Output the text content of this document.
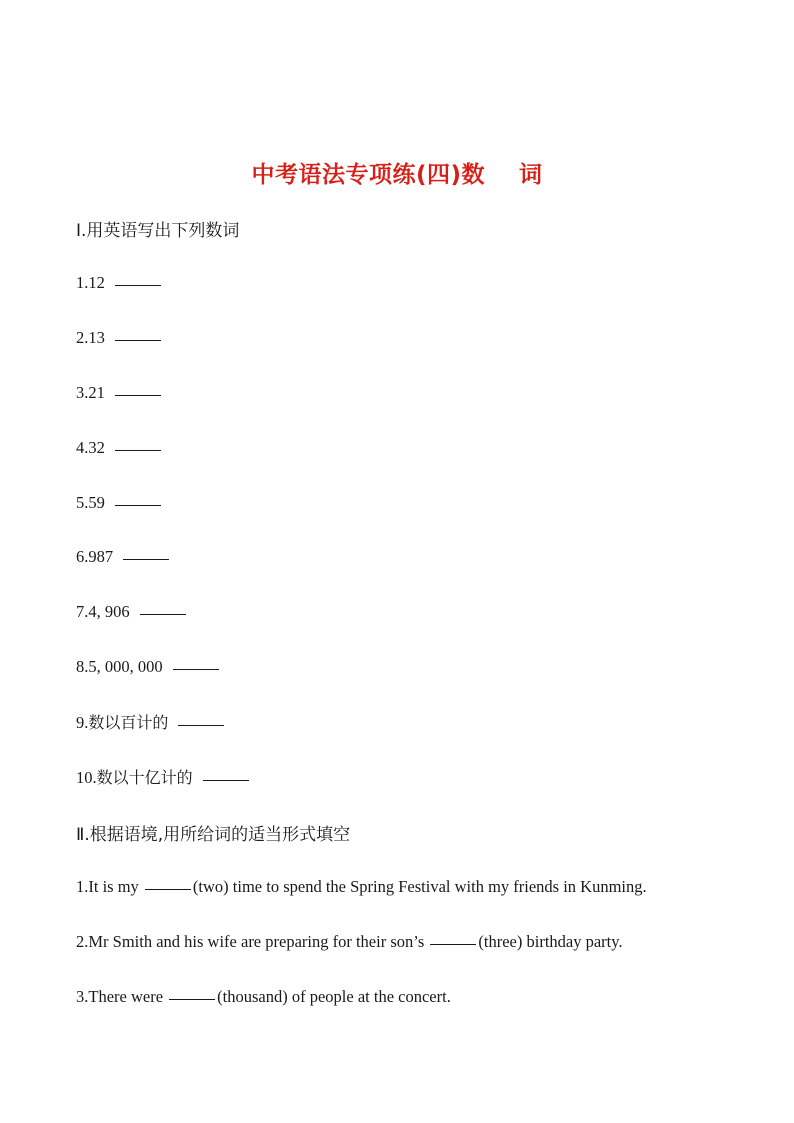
中考语法专项练(四)数    词
Ⅰ.用英语写出下列数词
1.12
2.13
3.21
4.32
5.59
6.987
7.4, 906
8.5, 000, 000
9.数以百计的
10.数以十亿计的
Ⅱ.根据语境,用所给词的适当形式填空
1.It is my	(two) time to spend the Spring Festival with my friends in Kunming.
2.Mr Smith and his wife are preparing for their son’s	(three) birthday party.
3.There were	(thousand) of people at the concert.
